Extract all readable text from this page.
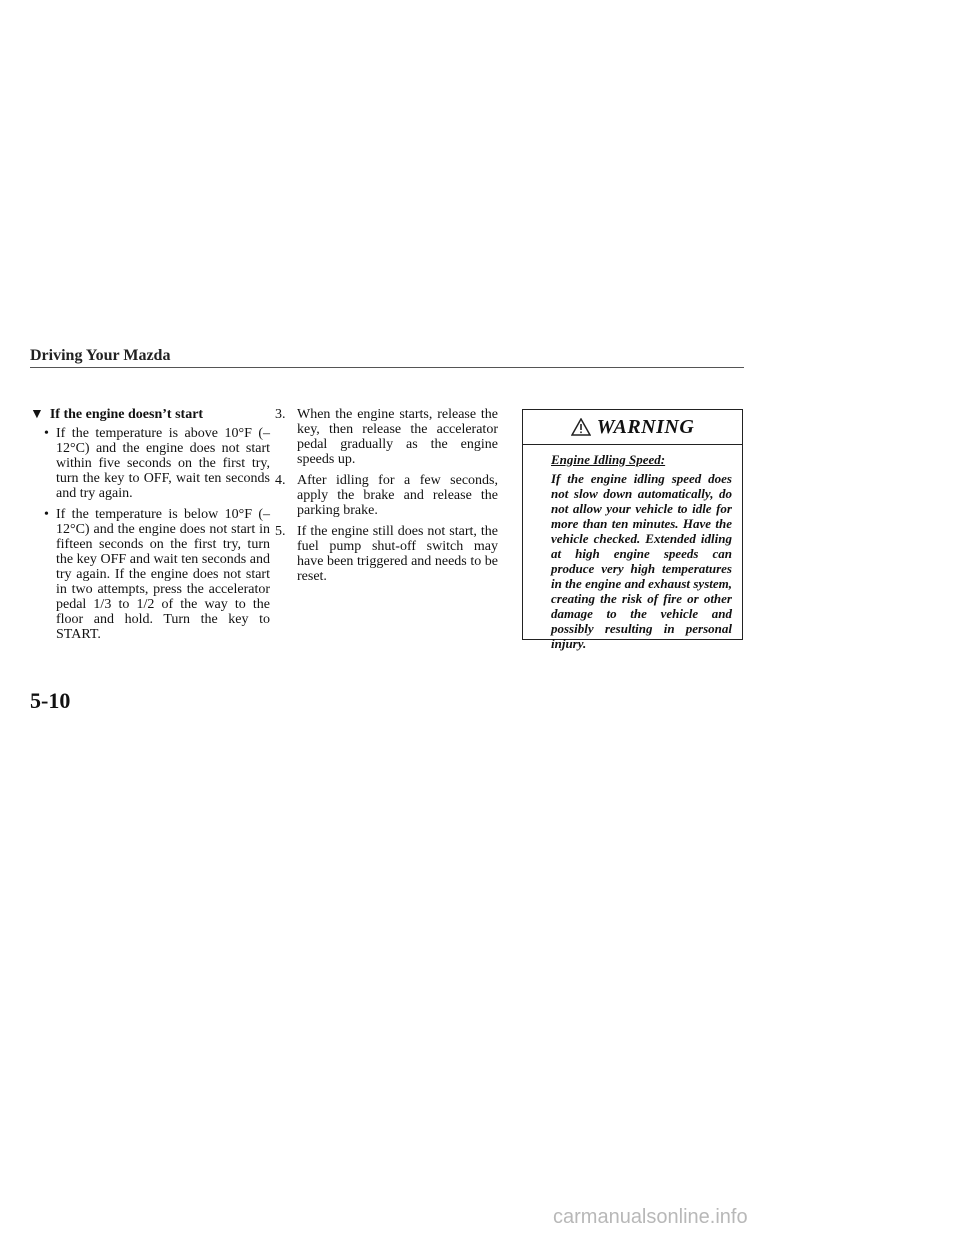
Driving Your Mazda
▼ If the engine doesn’t start
• If the temperature is above 10°F (–12°C) and the engine does not start within five seconds on the first try, turn the key to OFF, wait ten seconds and try again.
• If the temperature is below 10°F (–12°C) and the engine does not start in fifteen seconds on the first try, turn the key OFF and wait ten seconds and try again. If the engine does not start in two attempts, press the accelerator pedal 1/3 to 1/2 of the way to the floor and hold. Turn the key to START.
3. When the engine starts, release the key, then release the accelerator pedal gradually as the engine speeds up.
4. After idling for a few seconds, apply the brake and release the parking brake.
5. If the engine still does not start, the fuel pump shut-off switch may have been triggered and needs to be reset.
WARNING
Engine Idling Speed:
If the engine idling speed does not slow down automatically, do not allow your vehicle to idle for more than ten minutes. Have the vehicle checked. Extended idling at high engine speeds can produce very high temperatures in the engine and exhaust system, creating the risk of fire or other damage to the vehicle and possibly resulting in personal injury.
5-10
carmanualsonline.info
